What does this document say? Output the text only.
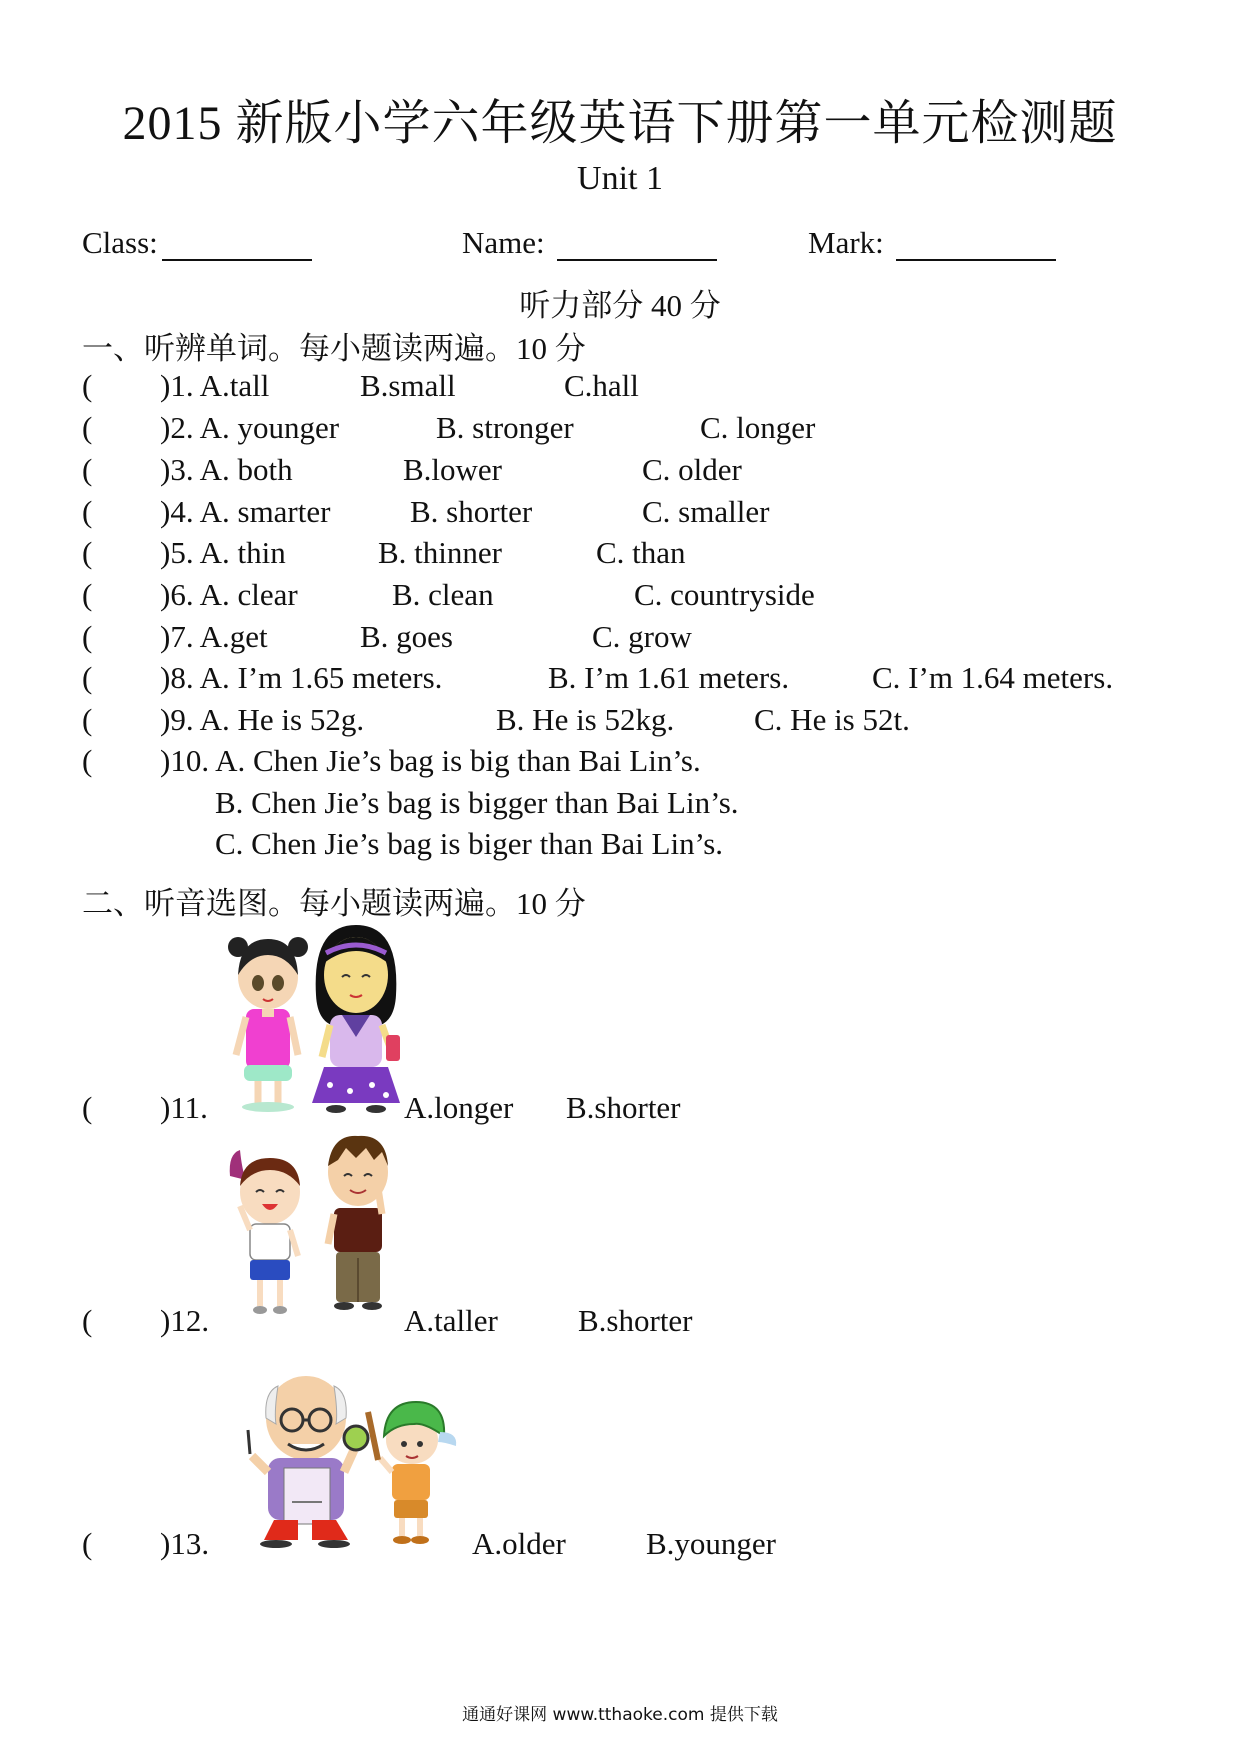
2015 新版小学六年级英语下册第一单元检测题
Unit 1
Class:	Name:	Mark:
听力部分 40 分
一、听辨单词。每小题读两遍。10 分
( )1. A.tall	B.small	C.hall
( )2. A. younger	B. stronger	C. longer
( )3. A. both	B.lower	C. older
( )4. A. smarter	B. shorter	C. smaller
( )5. A. thin	B. thinner	C. than
( )6. A. clear	B. clean	C. countryside
( )7. A.get	B. goes	C. grow
( )8. A. I’m 1.65 meters.	B. I’m 1.61 meters.	C. I’m 1.64 meters.
( )9. A. He is 52g.	B. He is 52kg.	C. He is 52t.
( )10. A. Chen Jie’s bag is big than Bai Lin’s.
B. Chen Jie’s bag is bigger than Bai Lin’s.
C. Chen Jie’s bag is biger than Bai Lin’s.
二、听音选图。每小题读两遍。10 分
( )11.	A.longer B.shorter
( )12.	A.taller	B.shorter
( )13.	A.older	B.younger
通通好课网 www.tthaoke.com 提供下载
